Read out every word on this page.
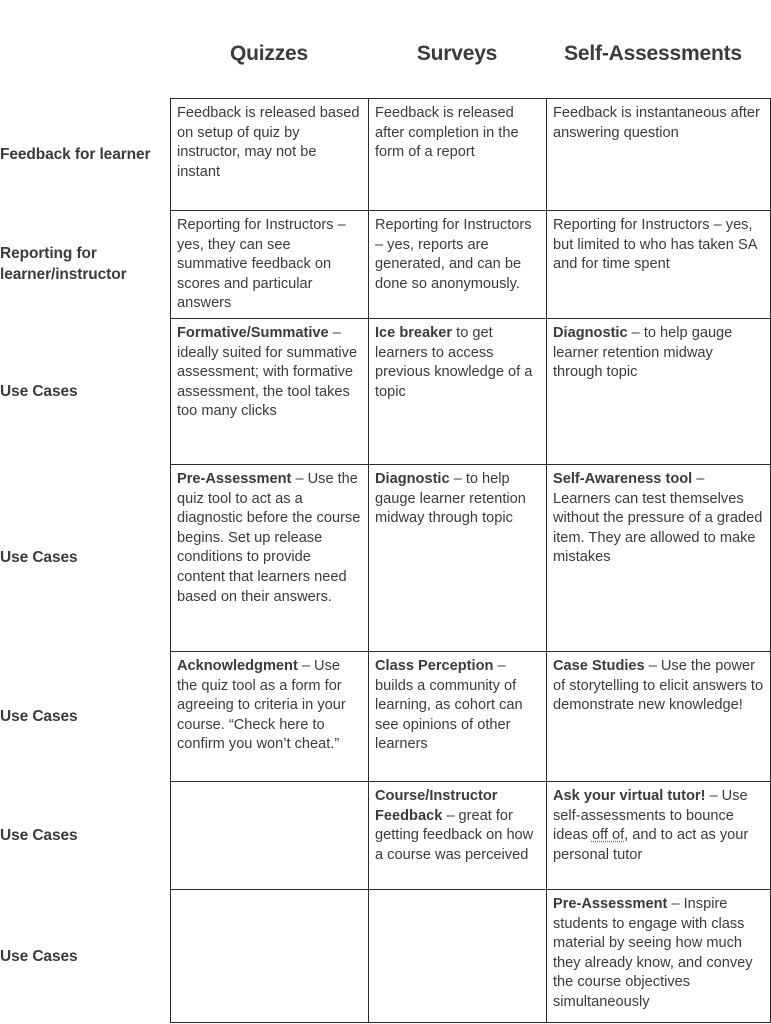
Quizzes	Surveys	Self-Assessments
Feedback for learner
Feedback is released based on setup of quiz by instructor, may not be instant
Feedback is released after completion in the form of a report
Feedback is instantaneous after answering question
Reporting for learner/instructor
Reporting for Instructors – yes, they can see summative feedback on scores and particular answers
Reporting for Instructors – yes, reports are generated, and can be done so anonymously.
Reporting for Instructors – yes, but limited to who has taken SA and for time spent
Use Cases
Formative/Summative – ideally suited for summative assessment; with formative assessment, the tool takes too many clicks
Ice breaker to get learners to access previous knowledge of a topic
Diagnostic – to help gauge learner retention midway through topic
Use Cases
Pre-Assessment – Use the quiz tool to act as a diagnostic before the course begins. Set up release conditions to provide content that learners need based on their answers.
Diagnostic – to help gauge learner retention midway through topic
Self-Awareness tool – Learners can test themselves without the pressure of a graded item. They are allowed to make mistakes
Use Cases
Acknowledgment – Use the quiz tool as a form for agreeing to criteria in your course. “Check here to confirm you won’t cheat.”
Class Perception – builds a community of learning, as cohort can see opinions of other learners
Case Studies – Use the power of storytelling to elicit answers to demonstrate new knowledge!
Use Cases
Course/Instructor Feedback – great for getting feedback on how a course was perceived
Ask your virtual tutor! – Use self-assessments to bounce ideas off of, and to act as your personal tutor
Use Cases
Pre-Assessment – Inspire students to engage with class material by seeing how much they already know, and convey the course objectives simultaneously
